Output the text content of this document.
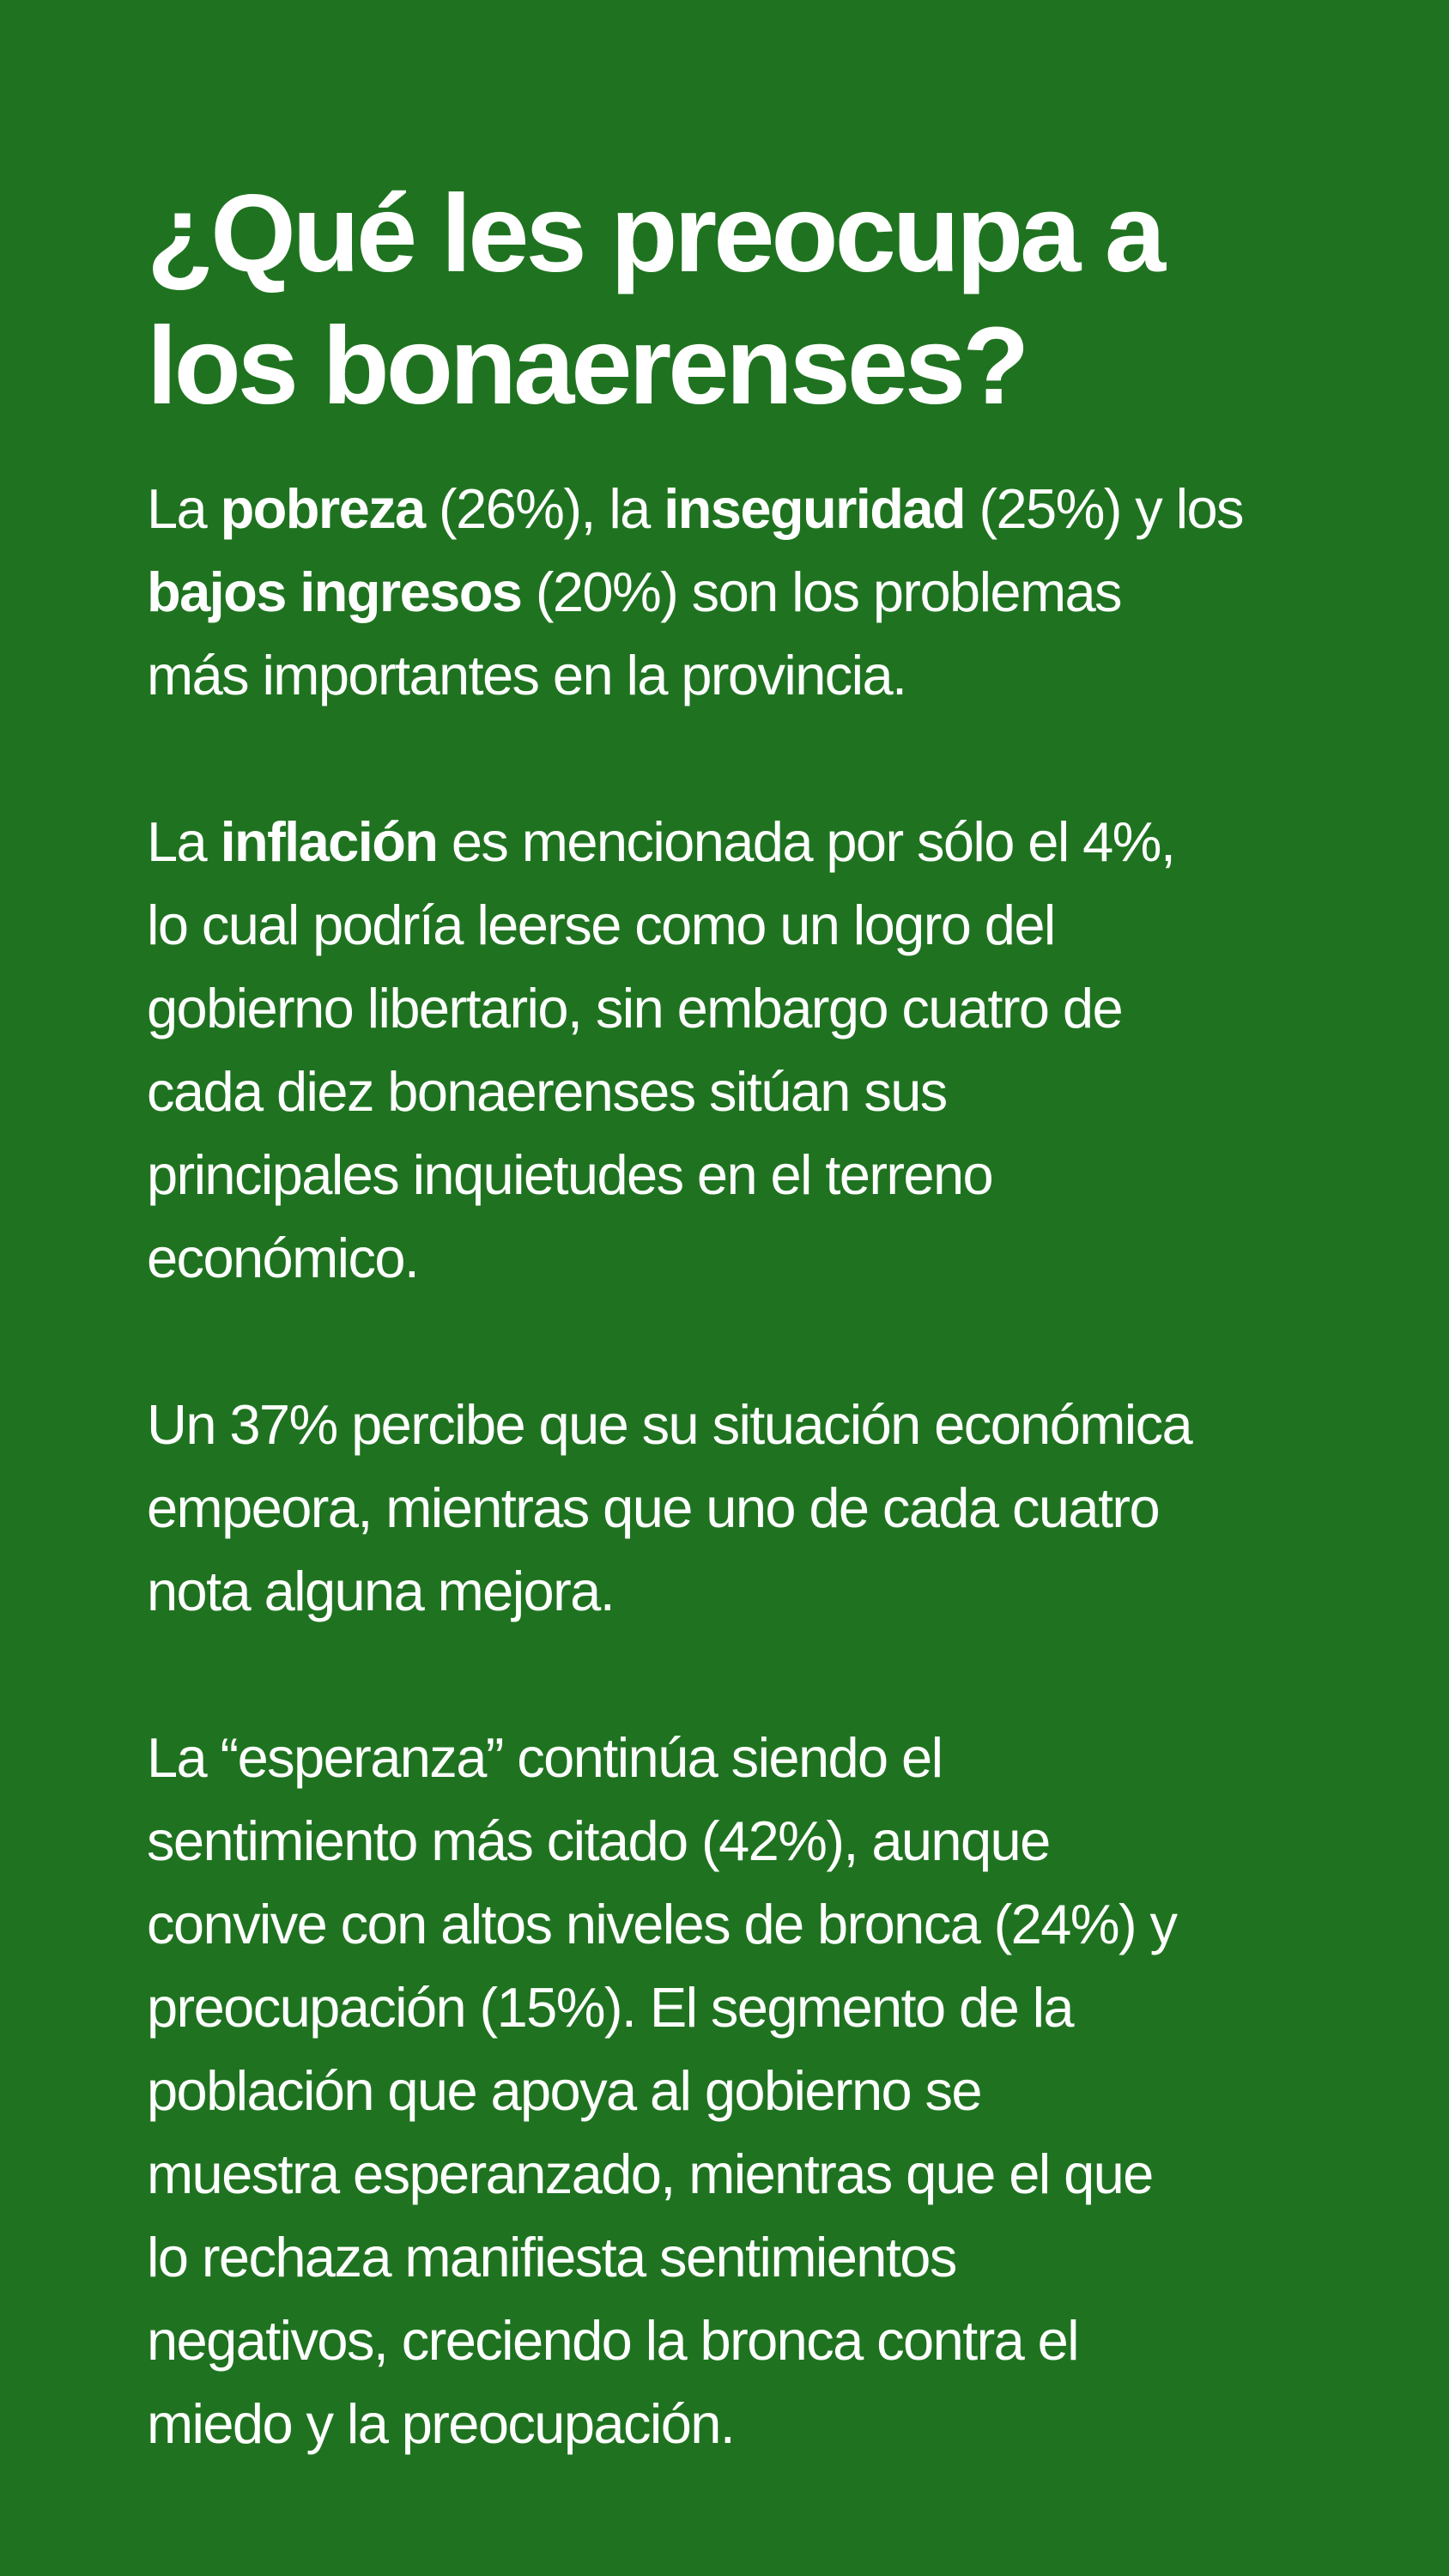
¿Qué les preocupa a
los bonaerenses?

La pobreza (26%), la inseguridad (25%) y los
bajos ingresos (20%) son los problemas
más importantes en la provincia.

La inflación es mencionada por sólo el 4%,
lo cual podría leerse como un logro del
gobierno libertario, sin embargo cuatro de
cada diez bonaerenses sitúan sus
principales inquietudes en el terreno
económico.

Un 37% percibe que su situación económica
empeora, mientras que uno de cada cuatro
nota alguna mejora.

La “esperanza” continúa siendo el
sentimiento más citado (42%), aunque
convive con altos niveles de bronca (24%) y
preocupación (15%). El segmento de la
población que apoya al gobierno se
muestra esperanzado, mientras que el que
lo rechaza manifiesta sentimientos
negativos, creciendo la bronca contra el
miedo y la preocupación.
